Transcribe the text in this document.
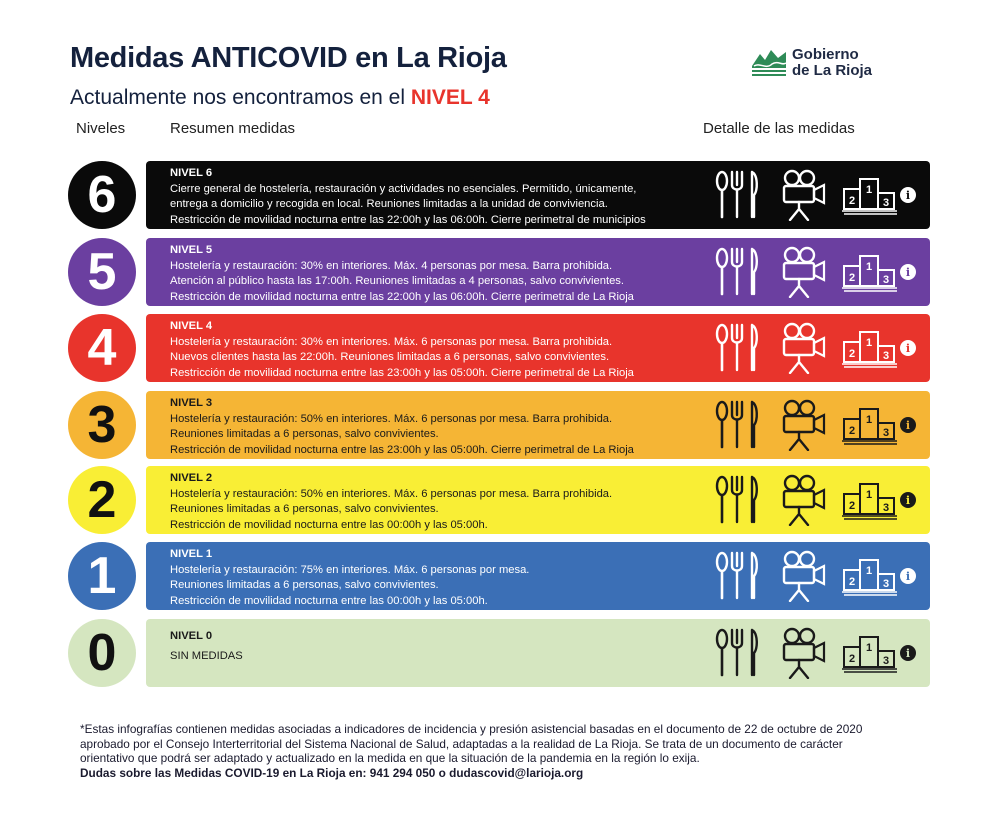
Medidas ANTICOVID en La Rioja
Actualmente nos encontramos en el NIVEL 4
Gobierno
de La Rioja
Niveles	Resumen medidas	Detalle de las medidas
6	NIVEL 6
Cierre general de hostelería, restauración y actividades no esenciales. Permitido, únicamente,
entrega a domicilio y recogida en local. Reuniones limitadas a la unidad de conviviencia.
Restricción de movilidad nocturna entre las 22:00h y las 06:00h. Cierre perimetral de municipios
2
1
3
i
5	NIVEL 5
Hostelería y restauración: 30% en interiores. Máx. 4 personas por mesa. Barra prohibida.
Atención al público hasta las 17:00h. Reuniones limitadas a 4 personas, salvo convivientes.
Restricción de movilidad nocturna entre las 22:00h y las 06:00h. Cierre perimetral de La Rioja
2
1
3
i
4	NIVEL 4
Hostelería y restauración: 30% en interiores. Máx. 6 personas por mesa. Barra prohibida.
Nuevos clientes hasta las 22:00h. Reuniones limitadas a 6 personas, salvo convivientes.
Restricción de movilidad nocturna entre las 23:00h y las 05:00h. Cierre perimetral de La Rioja
2
1
3
i
3	NIVEL 3
Hostelería y restauración: 50% en interiores. Máx. 6 personas por mesa. Barra prohibida.
Reuniones limitadas a 6 personas, salvo convivientes.
Restricción de movilidad nocturna entre las 23:00h y las 05:00h. Cierre perimetral de La Rioja
2
1
3
i
2	NIVEL 2
Hostelería y restauración: 50% en interiores. Máx. 6 personas por mesa. Barra prohibida.
Reuniones limitadas a 6 personas, salvo convivientes.
Restricción de movilidad nocturna entre las 00:00h y las 05:00h.
2
1
3
i
1	NIVEL 1
Hostelería y restauración: 75% en interiores. Máx. 6 personas por mesa.
Reuniones limitadas a 6 personas, salvo convivientes.
Restricción de movilidad nocturna entre las 00:00h y las 05:00h.
2
1
3
i
0	NIVEL 0
SIN MEDIDAS	2
1
3
i
*Estas infografías contienen medidas asociadas a indicadores de incidencia y presión asistencial basadas en el documento de 22 de octubre de 2020
aprobado por el Consejo Interterritorial del Sistema Nacional de Salud, adaptadas a la realidad de La Rioja. Se trata de un documento de carácter
orientativo que podrá ser adaptado y actualizado en la medida en que la situación de la pandemia en la región lo exija.
Dudas sobre las Medidas COVID-19 en La Rioja en: 941 294 050 o dudascovid@larioja.org
